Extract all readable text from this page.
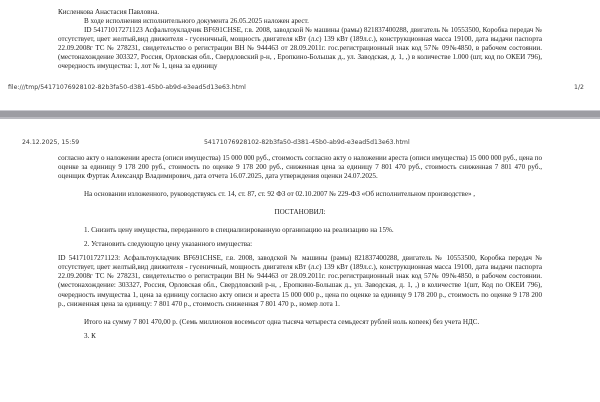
Кисленкова Анастасия Павловна.

В ходе исполнения исполнительного документа 26.05.2025 наложен арест.

ID 54171017271123 Асфальтоукладчик BF691CHSE, г.в. 2008, заводской № машины (рамы) 821837400288, двигатель № 10553500, Коробка передач № отсутствует, цвет желтый,вид движителя - гусеничный, мощность двигателя кВт (л.с) 139 кВт (189л.с.), конструкционная масса 19100, дата выдачи паспорта 22.09.2008г ТС № 278231, свидетельство о регистрации ВН № 944463 от 28.09.2011г. гос.регистрационный знак код 57№ 09№4850, в рабочем состоянии. (местонахождение 303327, Россия, Орловская обл., Свердловский р-н, , Еропкино-Большак д., ул. Заводская, д. 1, ,) в количестве 1.000 (шт, код по ОКЕИ 796), очередность имущества: 1, лот № 1, цена за единицу

file:///tmp/54171076928102-82b3fa50-d381-45b0-ab9d-e3ead5d13e63.html	1/2
24.12.2025, 15:59	54171076928102-82b3fa50-d381-45b0-ab9d-e3ead5d13e63.html

согласно акту о наложении ареста (описи имущества) 15 000 000 руб., стоимость согласно акту о наложении ареста (описи имущества) 15 000 000 руб., цена по оценке за единицу 9 178 200 руб., стоимость по оценке 9 178 200 руб., сниженная цена за единицу 7 801 470 руб., стоимость сниженная 7 801 470 руб., оценщик Фуртак Александр Владимирович, дата отчета 16.07.2025, дата утверждения оценки 24.07.2025.

На основании изложенного, руководствуясь ст. 14, ст. 87, ст. 92 ФЗ от 02.10.2007 № 229-ФЗ «Об исполнительном производстве» ,

ПОСТАНОВИЛ:

1. Снизить цену имущества, переданного в специализированную организацию на реализацию на 15%.

2. Установить следующую цену указанного имущества:

ID 54171017271123: Асфальтоукладчик BF691CHSE, г.в. 2008, заводской № машины (рамы) 821837400288, двигатель № 10553500, Коробка передач № отсутствует, цвет желтый,вид движителя - гусеничный, мощность двигателя кВт (л.с) 139 кВт (189л.с.), конструкционная масса 19100, дата выдачи паспорта 22.09.2008г ТС № 278231, свидетельство о регистрации ВН № 944463 от 28.09.2011г. гос.регистрационный знак код 57№ 09№4850, в рабочем состоянии. (местонахождение: 303327, Россия, Орловская обл., Свердловский р-н, , Еропкино-Большак д., ул. Заводская, д. 1, ,) в количестве 1(шт, Код по ОКЕИ 796), очередность имущества 1, цена за единицу согласно акту описи и ареста 15 000 000 р., цена по оценке за единицу 9 178 200 р., стоимость по оценке 9 178 200 р., сниженная цена за единицу: 7 801 470 р., стоимость сниженная 7 801 470 р., номер лота 1.

Итого на сумму 7 801 470,00 р. (Семь миллионов восемьсот одна тысяча четыреста семьдесят рублей ноль копеек) без учета НДС.

3. К
